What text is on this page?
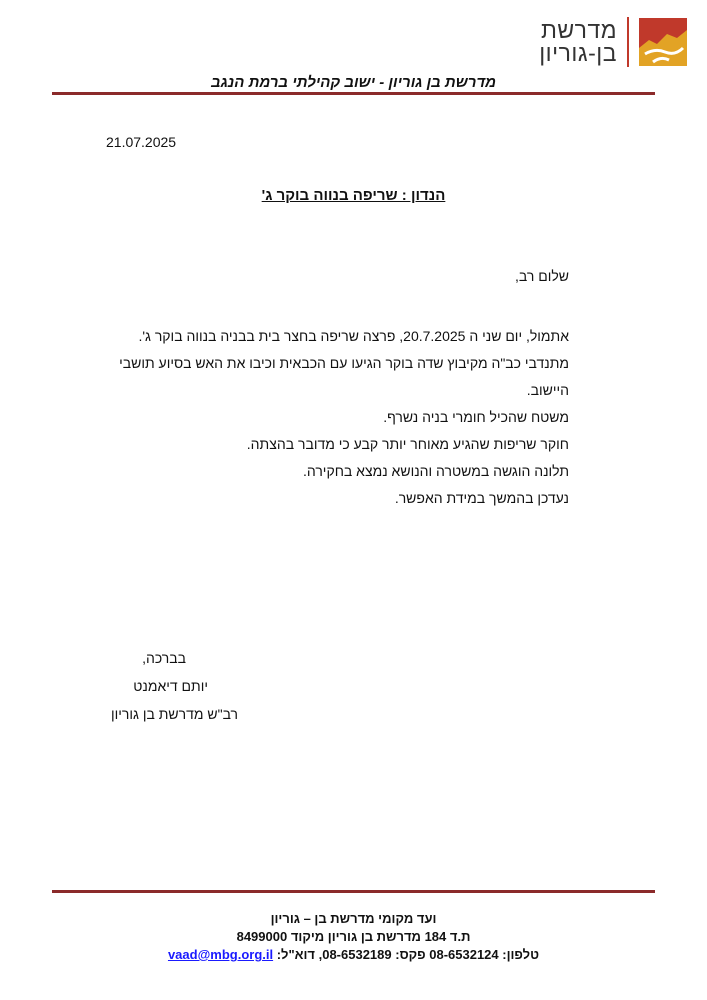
מדרשת
בן-גוריון
מדרשת בן גוריון - ישוב קהילתי ברמת הנגב
21.07.2025
הנדון : שריפה בנווה בוקר ג'
שלום רב,
אתמול, יום שני ה 20.7.2025, פרצה שריפה בחצר בית בבניה בנווה בוקר ג'.
מתנדבי כב"ה מקיבוץ שדה בוקר הגיעו עם הכבאית וכיבו את האש בסיוע תושבי היישוב.
משטח שהכיל חומרי בניה נשרף.
חוקר שריפות שהגיע מאוחר יותר קבע כי מדובר בהצתה.
תלונה הוגשה במשטרה והנושא נמצא בחקירה.
נעדכן בהמשך במידת האפשר.
בברכה,
יותם דיאמנט
רב"ש מדרשת בן גוריון
ועד מקומי מדרשת בן – גוריון
ת.ד 184 מדרשת בן גוריון מיקוד 8499000
טלפון: 08-6532124 פקס: 08-6532189, דוא"ל: vaad@mbg.org.il
